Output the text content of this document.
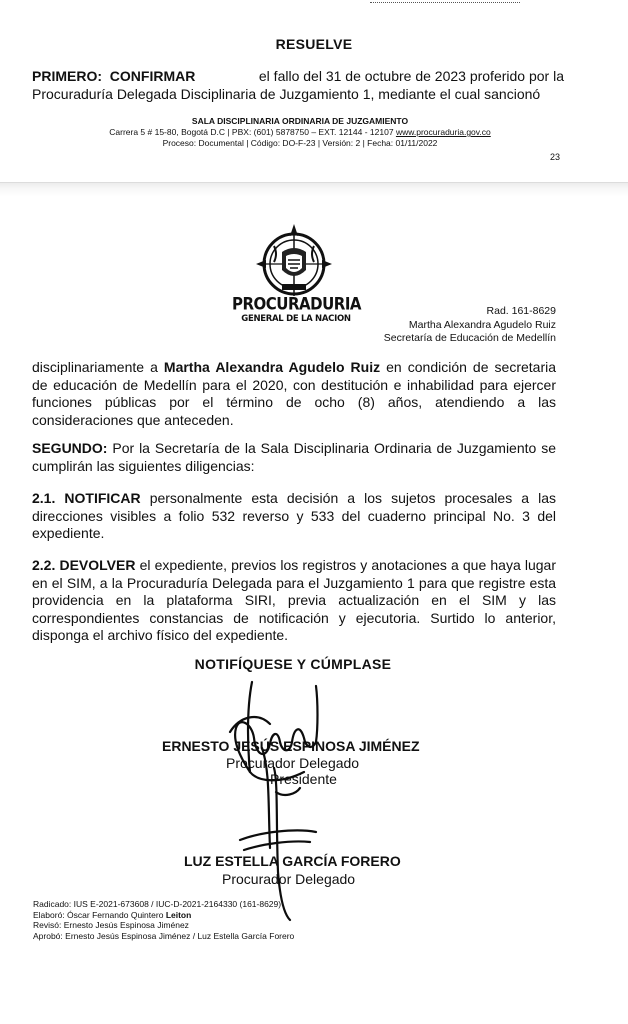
RESUELVE
PRIMERO: CONFIRMAR	el fallo del 31 de octubre de 2023 proferido por la
Procuraduría Delegada Disciplinaria de Juzgamiento 1, mediante el cual sancionó
SALA DISCIPLINARIA ORDINARIA DE JUZGAMIENTO
Carrera 5 # 15-80, Bogotá D.C | PBX: (601) 5878750 – EXT. 12144 - 12107 www.procuraduria.gov.co
Proceso: Documental | Código: DO-F-23 | Versión: 2 | Fecha: 01/11/2022
23
PROCURADURIA
GENERAL DE LA NACION
Rad. 161-8629
Martha Alexandra Agudelo Ruiz
Secretaría de Educación de Medellín
disciplinariamente a Martha Alexandra Agudelo Ruiz en condición de secretaria de educación de Medellín para el 2020, con destitución e inhabilidad para ejercer funciones públicas por el término de ocho (8) años, atendiendo a las consideraciones que anteceden.
SEGUNDO: Por la Secretaría de la Sala Disciplinaria Ordinaria de Juzgamiento se cumplirán las siguientes diligencias:
2.1. NOTIFICAR personalmente esta decisión a los sujetos procesales a las direcciones visibles a folio 532 reverso y 533 del cuaderno principal No. 3 del expediente.
2.2. DEVOLVER el expediente, previos los registros y anotaciones a que haya lugar en el SIM, a la Procuraduría Delegada para el Juzgamiento 1 para que registre esta providencia en la plataforma SIRI, previa actualización en el SIM y las correspondientes constancias de notificación y ejecutoria. Surtido lo anterior, disponga el archivo físico del expediente.
NOTIFÍQUESE Y CÚMPLASE
ERNESTO JESÚS ESPINOSA JIMÉNEZ
Procurador Delegado
Presidente
LUZ ESTELLA GARCÍA FORERO
Procurador Delegado
Radicado: IUS E-2021-673608 / IUC-D-2021-2164330 (161-8629)
Elaboró: Óscar Fernando Quintero Leiton
Revisó: Ernesto Jesús Espinosa Jiménez
Aprobó: Ernesto Jesús Espinosa Jiménez / Luz Estella García Forero
